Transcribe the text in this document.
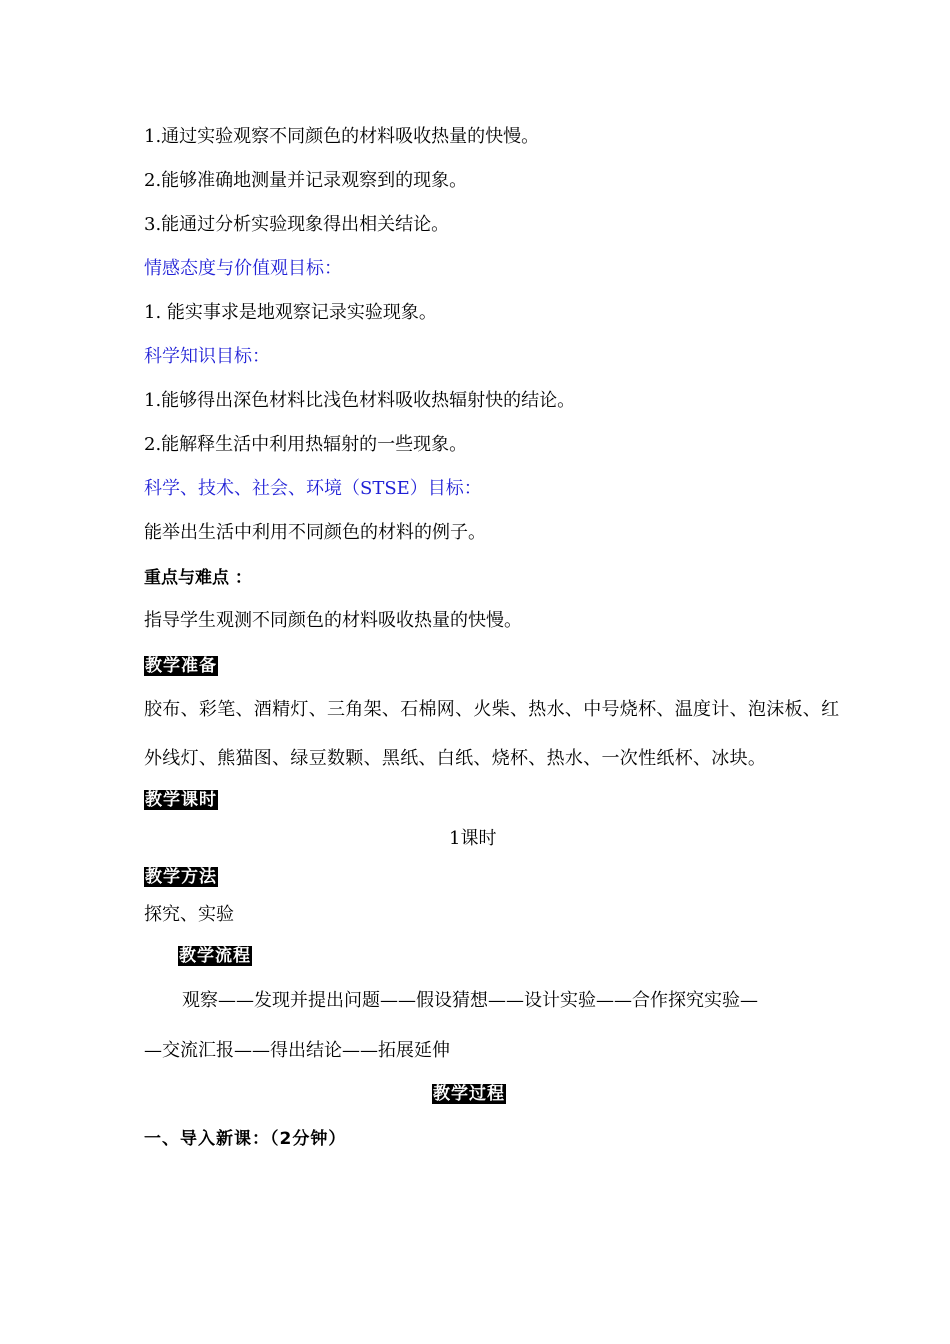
1.通过实验观察不同颜色的材料吸收热量的快慢。
2.能够准确地测量并记录观察到的现象。
3.能通过分析实验现象得出相关结论。
情感态度与价值观目标：
1. 能实事求是地观察记录实验现象。
科学知识目标：
1.能够得出深色材料比浅色材料吸收热辐射快的结论。
2.能解释生活中利用热辐射的一些现象。
科学、技术、社会、环境（STSE）目标：
能举出生活中利用不同颜色的材料的例子。
重点与难点 ：
指导学生观测不同颜色的材料吸收热量的快慢。
教学准备
胶布、彩笔、酒精灯、三角架、石棉网、火柴、热水、中号烧杯、温度计、泡沫板、红
外线灯、熊猫图、绿豆数颗、黑纸、白纸、烧杯、热水、一次性纸杯、冰块。
教学课时
1课时
教学方法
探究、实验
教学流程
观察——发现并提出问题——假设猜想——设计实验——合作探究实验—
—交流汇报——得出结论——拓展延伸
教学过程
一、导入新课：（2分钟）
